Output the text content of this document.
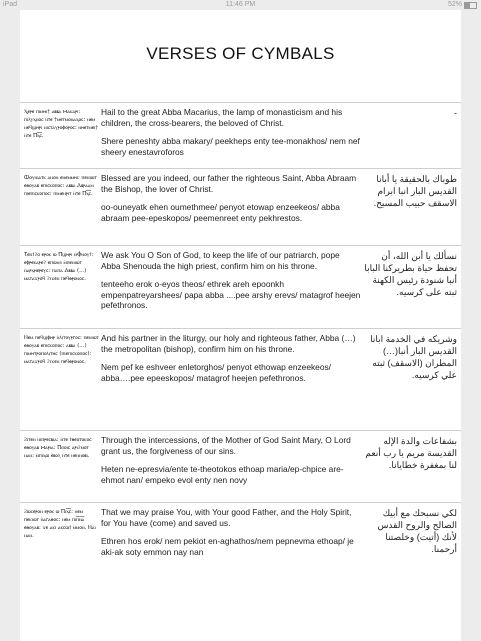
iPad	11:46 PM	52%
VERSES OF CYMBALS
Ⲭⲉⲣⲉ ⲡⲓⲙⲏⲓ† ⲁⲃⲃⲁ Ⲙⲁⲕⲁⲣⲓ: ⲡⲓⲗⲩⲭⲛⲟⲥ ⲛ̀ⲧⲉ †ⲙⲉⲧⲙⲟⲛⲁⲭⲟⲥ: ⲛⲉⲙ ⲛⲉϥϣⲏⲣⲓ ⲛⲓⲥⲧⲁⲩⲣⲟⲫⲟⲣⲟⲥ: ⲛⲏⲉⲧⲙⲉⲓ† ⲛ̀ⲧⲉ Ⲡⲭ̅ⲥ̅.
Hail to the great Abba Macarius, the lamp of monasticism and his children, the cross-bearers, the beloved of Christ.
Shere peneshty abba makary/ peekheps enty tee-monakhos/ nem nef sheery enestavroforos
-
Ⲱⲟⲩⲛⲓⲁⲧⲕ ⲁⲛⲟⲛ ⲉⲛⲉⲙⲙⲏⲓ: ⲡⲉⲛⲓⲱⲧ ⲉⲑⲟⲩⲁⲃ ⲉⲡⲓⲥⲕⲟⲡⲟⲥ: ⲁⲃⲃⲁ Ⲁⲃⲣⲁⲁⲙ ⲡⲓⲉⲡⲓⲥⲕⲟⲡⲟⲥ: ⲡⲓⲙⲉⲛⲣⲓⲧ ⲛ̀ⲧⲉ Ⲡⲭ̅ⲥ̅.
Blessed are you indeed, our father the righteous Saint, Abba Abraam the Bishop, the lover of Christ.
oo-ouneyatk ehen oumethmee/ penyot etowap enzeekeos/ abba abraam pee-epeskopos/ peemenreet enty pekhrestos.
طوباك بالحقيقة يا أبانا القديس البار انبا ابرام الاسقف حبيب المسيح.
Ⲧⲉⲛϯϩⲟ ⲉⲣⲟⲕ ⲱ Ⲡϣⲏⲣⲓ ⲙ̀Ⲫⲛⲟⲩϯ: ⲉⲫⲣⲉⲕⲁⲣⲉϩ ⲉⲡⲱⲛϧ ⲙ̀ⲡⲉⲛⲓⲱⲧ ⲛ̀ⲁⲣⲭⲏⲉⲣⲉⲩⲥ: ⲡⲁⲡⲁ Ⲁⲃⲃⲁ (...) ⲙⲁⲧⲁϫⲣⲟϥ ϩⲓϫⲉⲛ ⲡⲉϥⲑⲣⲟⲛⲟⲥ.
We ask You O Son of God, to keep the life of our patriarch, pope Abba Shenouda the high priest, confirm him on his throne.
tenteeho erok o-eyos theos/ ethrek areh epoonkh empenpatreyarshees/ papa abba ....pee arshy erevs/ matagrof heejen pefethronos.
نسألك يا أبن الله، أن تحفظ حياة بطريركنا البابا أنبا شنودة رئيس الكهنة ثبته على كرسيه.
Ⲛⲉⲙ ⲡⲉϥϣⲫⲏⲣ ⲛ̀ⲗⲓⲧⲟⲩⲣⲅⲟⲥ: ⲡⲉⲛⲓⲱⲧ ⲉⲑⲟⲩⲁⲃ ⲉⲡⲓⲥⲕⲟⲡⲟⲥ: ⲁⲃⲃⲁ (...) ⲡⲓⲙⲏⲧⲣⲟⲡⲟⲗⲓⲧⲏⲥ (ⲡⲓⲉⲡⲓⲥⲕⲟⲡⲟⲥ): ⲙⲁⲧⲁϫⲣⲟϥ ϩⲓϫⲉⲛ ⲡⲉϥⲑⲣⲟⲛⲟⲥ.
And his partner in the liturgy, our holy and righteous father, Abba (…) the metropolitan (bishop), confirm him on his throne.
Nem pef ke eshveer enletorghos/ penyot ethowap enzeekeos/ abba….pee epeeskopos/ matagrof heejen pefethronos.
وشريكه في الخدمة ابانا القديس البار أنبا(…) المطران (الاسقف) ثبته علي كرسيه.
Ϩⲓⲧⲉⲛ ⲛⲓⲡⲣⲉⲥⲃⲓⲁ: ⲛ̀ⲧⲉ ϯⲑⲉⲟⲧⲟⲕⲟⲥ ⲉⲑⲟⲩⲁⲃ Ⲙⲁⲣⲓⲁ: Ⲡϭⲟⲓⲥ ⲁⲣⲓϩⲙⲟⲧ ⲛⲁⲛ: ⲙ̀ⲡⲓⲭⲱ ⲉ̀ⲃⲟⲗ ⲛ̀ⲧⲉ ⲛⲉⲛⲛⲟⲃⲓ.
Through the intercessions, of the Mother of God Saint Mary, O Lord grant us, the forgiveness of our sins.
Heten ne-epresvia/ente te-theotokos ethoap maria/ep-chpice are-ehmot nan/ empeko evol enty nen novy
بشفاعات والدة الإله القديسة مريم يا رب أنعم لنا بمغفرة خطايانا.
Ϩⲱⲥⲉⲣⲟⲛ ⲉⲣⲟⲕ ⲱ Ⲡⲓⲭ̅ⲥ̅: ⲛⲉⲙ ⲡⲉⲕⲓⲱⲧ ⲛ̀ⲁⲅⲁⲑⲟⲥ: ⲛⲉⲙ ⲡⲓⲡ̅ⲛ̅ⲁ̅ ⲉⲑⲟⲩⲁⲃ: ϫⲉ ⲁⲕⲓ ⲁⲕⲥⲱϯ ⲙ̀ⲙⲟⲛ. Ⲛⲁⲓ ⲛⲁⲛ.
That we may praise You, with Your good Father, and the Holy Spirit, for You have (come) and saved us.
Ethren hos erok/ nem pekiot en-aghathos/nem pepnevma ethoap/ je aki-ak soty emmon nay nan
لكي نسبحك مع أبيك الصالح والروح القدس لأنك (أتيت) وخلصتنا أرحمنا.
